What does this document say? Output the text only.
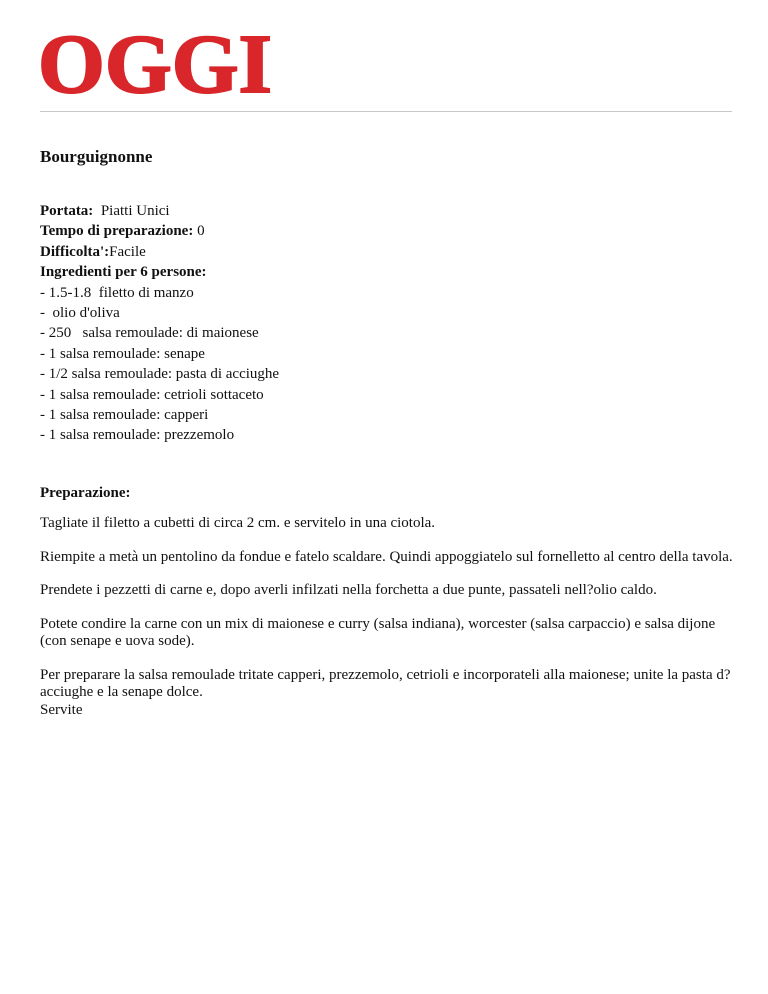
OGGI
Bourguignonne
Portata: Piatti Unici
Tempo di preparazione: 0
Difficolta':Facile
Ingredienti per 6 persone:
- 1.5-1.8  filetto di manzo
-  olio d'oliva
- 250   salsa remoulade: di maionese
- 1 salsa remoulade: senape
- 1/2 salsa remoulade: pasta di acciughe
- 1 salsa remoulade: cetrioli sottaceto
- 1 salsa remoulade: capperi
- 1 salsa remoulade: prezzemolo
Preparazione:

Tagliate il filetto a cubetti di circa 2 cm. e servitelo in una ciotola.

Riempite a metà un pentolino da fondue e fatelo scaldare. Quindi appoggiatelo sul fornelletto al centro della tavola.

Prendete i pezzetti di carne e, dopo averli infilzati nella forchetta a due punte, passateli nell?olio caldo.

Potete condire la carne con un mix di maionese e curry (salsa indiana), worcester (salsa carpaccio) e salsa dijone (con senape e uova sode).

Per preparare la salsa remoulade tritate capperi, prezzemolo, cetrioli e incorporateli alla maionese; unite la pasta d?acciughe e la senape dolce.

Servite
